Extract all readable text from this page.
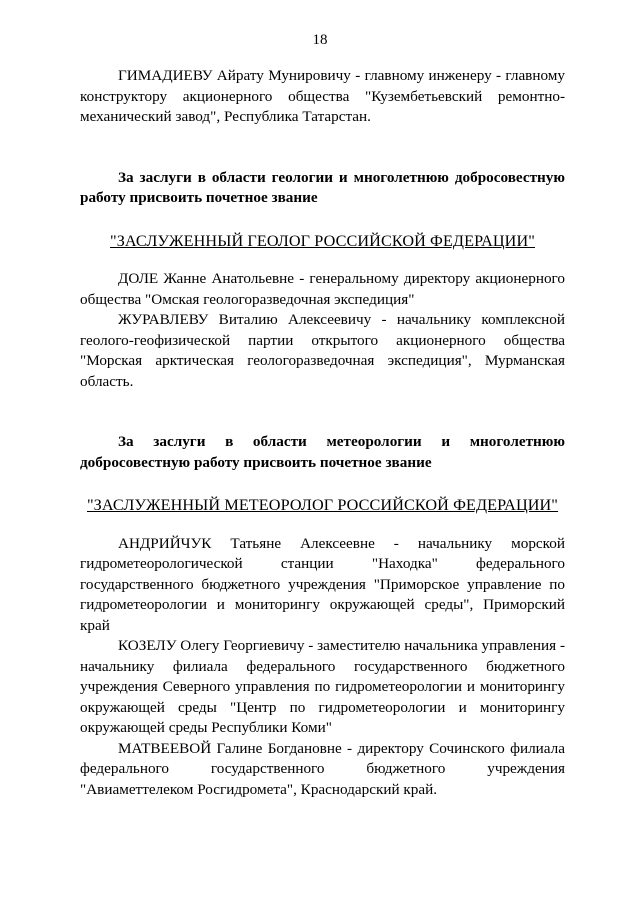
18

ГИМАДИЕВУ Айрату Мунировичу - главному инженеру - главному конструктору акционерного общества "Кузембетьевский ремонтно-механический завод", Республика Татарстан.

За заслуги в области геологии и многолетнюю добросовестную работу присвоить почетное звание

"ЗАСЛУЖЕННЫЙ ГЕОЛОГ РОССИЙСКОЙ ФЕДЕРАЦИИ"

ДОЛЕ Жанне Анатольевне - генеральному директору акционерного общества "Омская геологоразведочная экспедиция"

ЖУРАВЛЕВУ Виталию Алексеевичу - начальнику комплексной геолого-геофизической партии открытого акционерного общества "Морская арктическая геологоразведочная экспедиция", Мурманская область.

За заслуги в области метеорологии и многолетнюю добросовестную работу присвоить почетное звание

"ЗАСЛУЖЕННЫЙ МЕТЕОРОЛОГ РОССИЙСКОЙ ФЕДЕРАЦИИ"

АНДРИЙЧУК Татьяне Алексеевне - начальнику морской гидрометеорологической станции "Находка" федерального государственного бюджетного учреждения "Приморское управление по гидрометеорологии и мониторингу окружающей среды", Приморский край

КОЗЕЛУ Олегу Георгиевичу - заместителю начальника управления - начальнику филиала федерального государственного бюджетного учреждения Северного управления по гидрометеорологии и мониторингу окружающей среды "Центр по гидрометеорологии и мониторингу окружающей среды Республики Коми"

МАТВЕЕВОЙ Галине Богдановне - директору Сочинского филиала федерального государственного бюджетного учреждения "Авиаметтелеком Росгидромета", Краснодарский край.
